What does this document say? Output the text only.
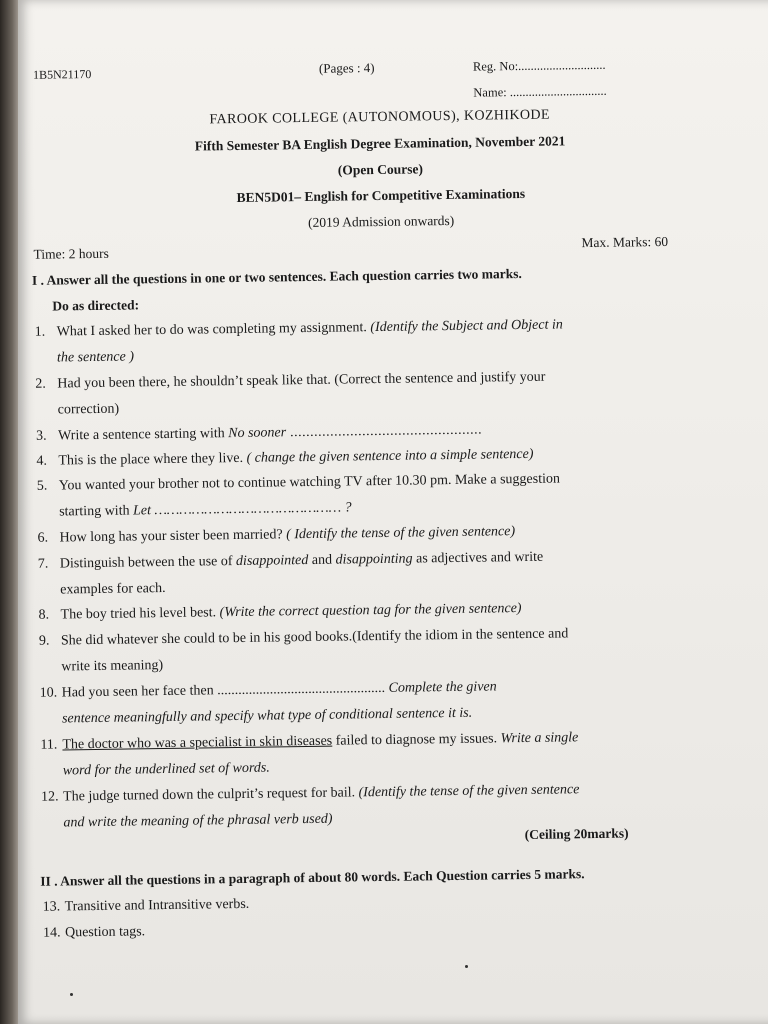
1B5N21170	(Pages : 4)	Reg. No:............................
Name: ...............................
FAROOK COLLEGE (AUTONOMOUS), KOZHIKODE
Fifth Semester BA English Degree Examination, November 2021
(Open Course)
BEN5D01– English for Competitive Examinations
(2019 Admission onwards)
Time: 2 hours
Max. Marks: 60
I . Answer all the questions in one or two sentences. Each question carries two marks.
Do as directed:
1. What I asked her to do was completing my assignment. (Identify the Subject and Object in
the sentence )
2. Had you been there, he shouldn’t speak like that. (Correct the sentence and justify your
correction)
3. Write a sentence starting with No sooner ................................................
4. This is the place where they live. ( change the given sentence into a simple sentence)
5. You wanted your brother not to continue watching TV after 10.30 pm. Make a suggestion
starting with Let ……………………………………… ?
6. How long has your sister been married? ( Identify the tense of the given sentence)
7. Distinguish between the use of disappointed and disappointing as adjectives and write
examples for each.
8. The boy tried his level best. (Write the correct question tag for the given sentence)
9. She did whatever she could to be in his good books.(Identify the idiom in the sentence and
write its meaning)
10. Had you seen her face then ................................................ Complete the given
sentence meaningfully and specify what type of conditional sentence it is.
11. The doctor who was a specialist in skin diseases failed to diagnose my issues. Write a single
word for the underlined set of words.
12. The judge turned down the culprit’s request for bail. (Identify the tense of the given sentence
and write the meaning of the phrasal verb used)
(Ceiling 20marks)
II . Answer all the questions in a paragraph of about 80 words. Each Question carries 5 marks.
13. Transitive and Intransitive verbs.
14. Question tags.
